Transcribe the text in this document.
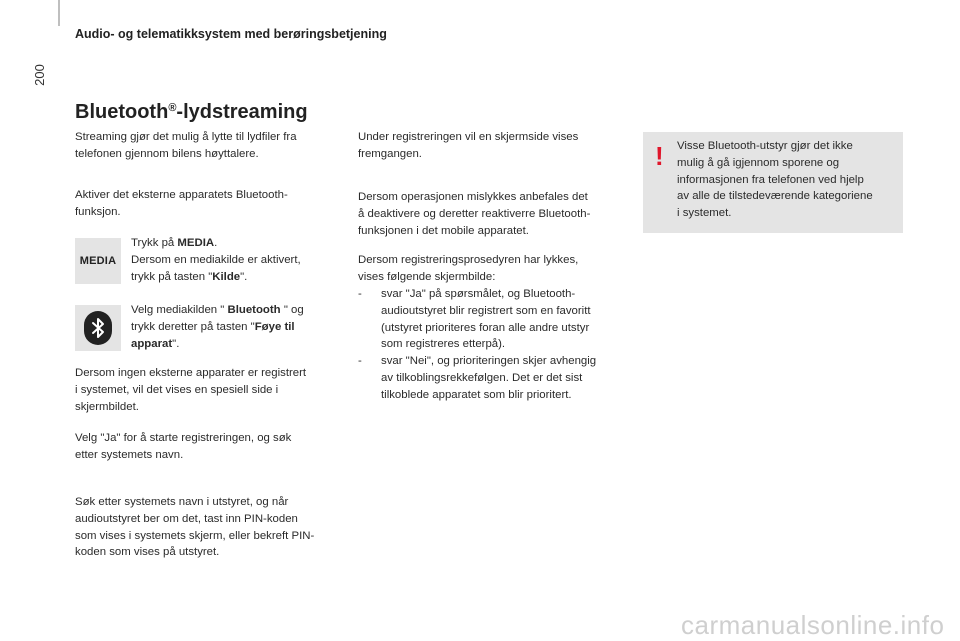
200
Audio- og telematikksystem med berøringsbetjening
Bluetooth®-lydstreaming
Streaming gjør det mulig å lytte til lydfiler fra
telefonen gjennom bilens høyttalere.
Aktiver det eksterne apparatets Bluetooth-
funksjon.
MEDIA
Trykk på MEDIA.
Dersom en mediakilde er aktivert,
trykk på tasten "Kilde".
Velg mediakilden " Bluetooth " og
trykk deretter på tasten "Føye til
apparat".
Dersom ingen eksterne apparater er registrert
i systemet, vil det vises en spesiell side i
skjermbildet.
Velg "Ja" for å starte registreringen, og søk
etter systemets navn.
Søk etter systemets navn i utstyret, og når
audioutstyret ber om det, tast inn PIN-koden
som vises i systemets skjerm, eller bekreft PIN-
koden som vises på utstyret.
Under registreringen vil en skjermside vises
fremgangen.
Dersom operasjonen mislykkes anbefales det
å deaktivere og deretter reaktiverre Bluetooth-
funksjonen i det mobile apparatet.
Dersom registreringsprosedyren har lykkes,
vises følgende skjermbilde:
- svar "Ja" på spørsmålet, og Bluetooth-
audioutstyret blir registrert som en favoritt
(utstyret prioriteres foran alle andre utstyr
som registreres etterpå).
- svar "Nei", og prioriteringen skjer avhengig
av tilkoblingsrekkefølgen. Det er det sist
tilkoblede apparatet som blir prioritert.
! Visse Bluetooth-utstyr gjør det ikke
mulig å gå igjennom sporene og
informasjonen fra telefonen ved hjelp
av alle de tilstedeværende kategoriene
i systemet.
carmanualsonline.info
